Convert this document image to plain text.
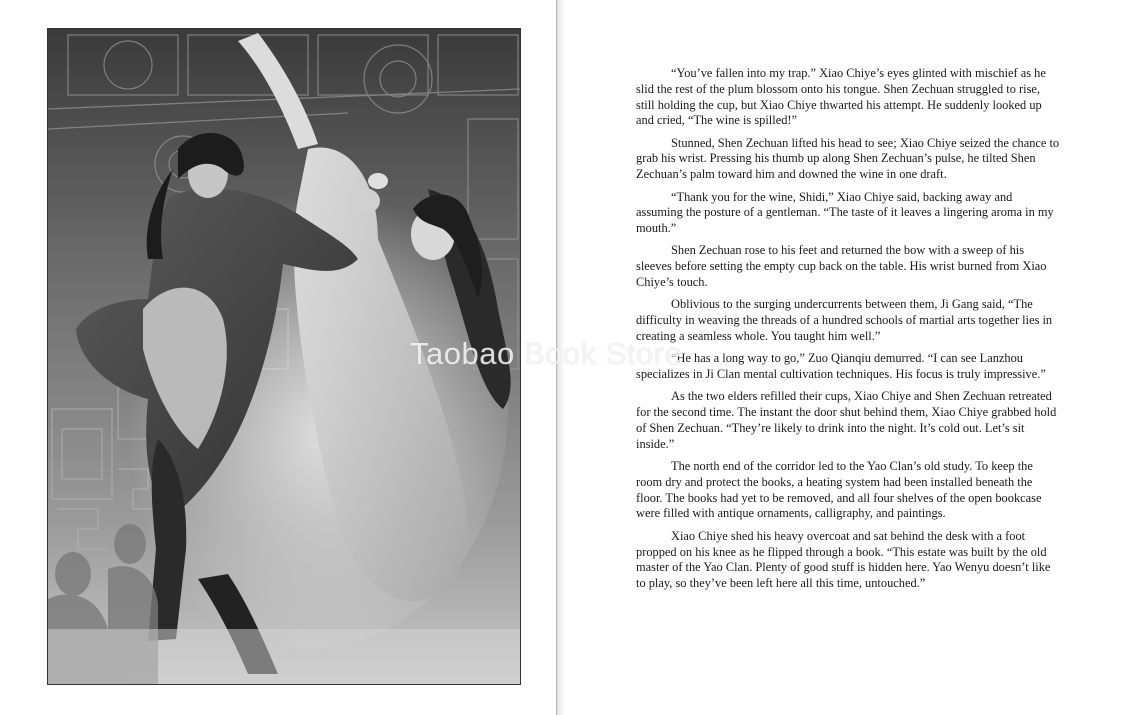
“You’ve fallen into my trap.” Xiao Chiye’s eyes glinted with mischief as he slid the rest of the plum blossom onto his tongue. Shen Zechuan struggled to rise, still holding the cup, but Xiao Chiye thwarted his attempt. He suddenly looked up and cried, “The wine is spilled!”

Stunned, Shen Zechuan lifted his head to see; Xiao Chiye seized the chance to grab his wrist. Pressing his thumb up along Shen Zechuan’s pulse, he tilted Shen Zechuan’s palm toward him and downed the wine in one draft.

“Thank you for the wine, Shidi,” Xiao Chiye said, backing away and assuming the posture of a gentleman. “The taste of it leaves a lingering aroma in my mouth.”

Shen Zechuan rose to his feet and returned the bow with a sweep of his sleeves before setting the empty cup back on the table. His wrist burned from Xiao Chiye’s touch.

Oblivious to the surging undercurrents between them, Ji Gang said, “The difficulty in weaving the threads of a hundred schools of martial arts together lies in creating a seamless whole. You taught him well.”

“He has a long way to go,” Zuo Qianqiu demurred. “I can see Lanzhou specializes in Ji Clan mental cultivation techniques. His focus is truly impressive.”

As the two elders refilled their cups, Xiao Chiye and Shen Zechuan retreated for the second time. The instant the door shut behind them, Xiao Chiye grabbed hold of Shen Zechuan. “They’re likely to drink into the night. It’s cold out. Let’s sit inside.”

The north end of the corridor led to the Yao Clan’s old study. To keep the room dry and protect the books, a heating system had been installed beneath the floor. The books had yet to be removed, and all four shelves of the open bookcase were filled with antique ornaments, calligraphy, and paintings.

Xiao Chiye shed his heavy overcoat and sat behind the desk with a foot propped on his knee as he flipped through a book. “This estate was built by the old master of the Yao Clan. Plenty of good stuff is hidden here. Yao Wenyu doesn’t like to play, so they’ve been left here all this time, untouched.”

Taobao Book Store
